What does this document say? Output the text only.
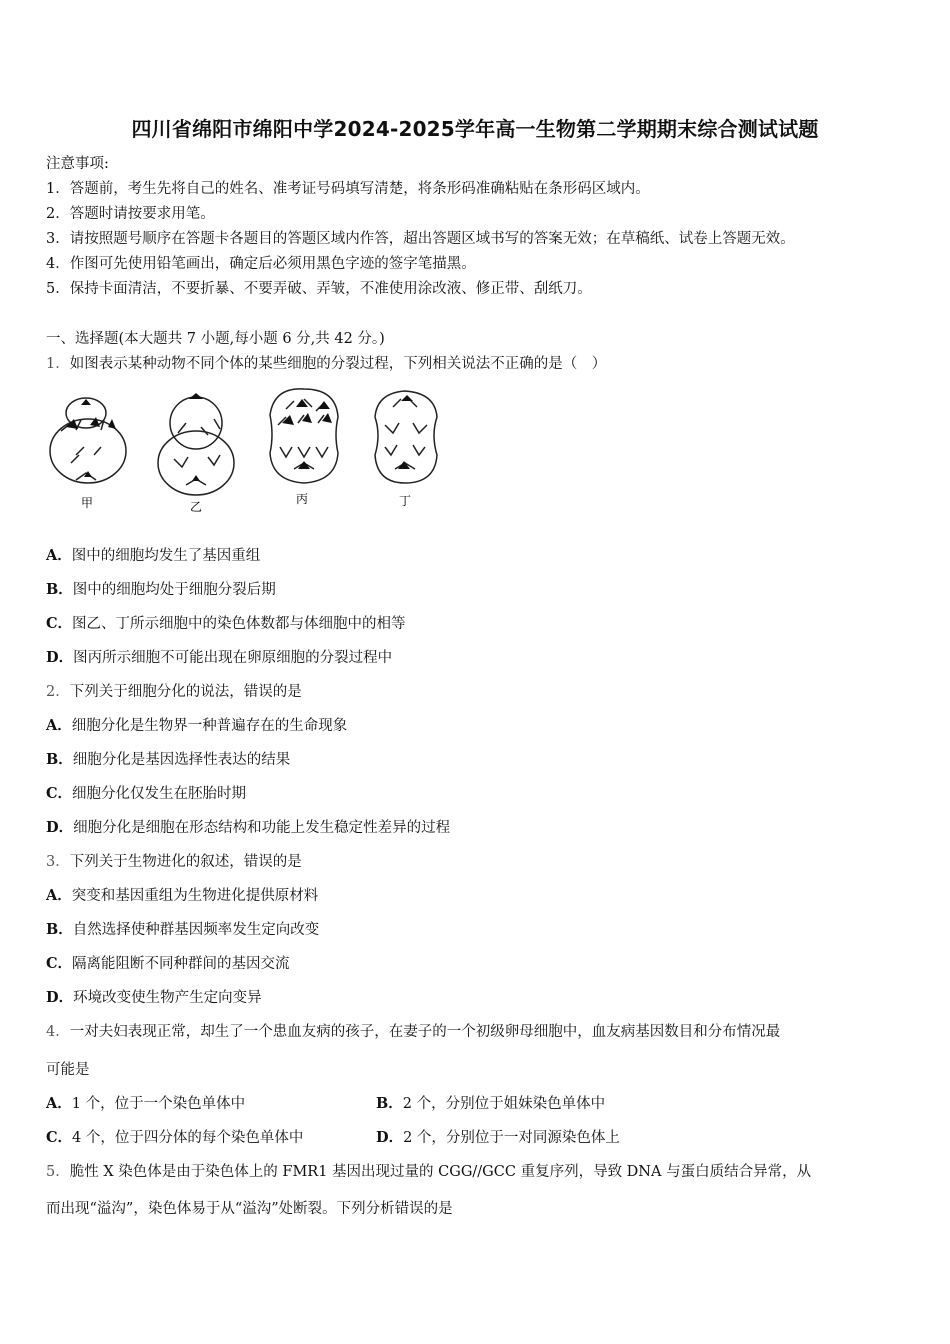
四川省绵阳市绵阳中学2024-2025学年高一生物第二学期期末综合测试试题
注意事项:
1．答题前，考生先将自己的姓名、准考证号码填写清楚，将条形码准确粘贴在条形码区域内。
2．答题时请按要求用笔。
3．请按照题号顺序在答题卡各题目的答题区域内作答，超出答题区域书写的答案无效；在草稿纸、试卷上答题无效。
4．作图可先使用铅笔画出，确定后必须用黑色字迹的签字笔描黑。
5．保持卡面清洁，不要折暴、不要弄破、弄皱，不准使用涂改液、修正带、刮纸刀。
一、选择题(本大题共 7 小题,每小题 6 分,共 42 分。)
1．如图表示某种动物不同个体的某些细胞的分裂过程，下列相关说法不正确的是（　）
甲	乙
丙	丁
A．图中的细胞均发生了基因重组
B．图中的细胞均处于细胞分裂后期
C．图乙、丁所示细胞中的染色体数都与体细胞中的相等
D．图丙所示细胞不可能出现在卵原细胞的分裂过程中
2．下列关于细胞分化的说法，错误的是
A．细胞分化是生物界一种普遍存在的生命现象
B．细胞分化是基因选择性表达的结果
C．细胞分化仅发生在胚胎时期
D．细胞分化是细胞在形态结构和功能上发生稳定性差异的过程
3．下列关于生物进化的叙述，错误的是
A．突变和基因重组为生物进化提供原材料
B．自然选择使种群基因频率发生定向改变
C．隔离能阻断不同种群间的基因交流
D．环境改变使生物产生定向变异
4．一对夫妇表现正常，却生了一个患血友病的孩子，在妻子的一个初级卵母细胞中，血友病基因数目和分布情况最
可能是
A．1 个，位于一个染色单体中	B．2 个，分别位于姐妹染色单体中
C．4 个，位于四分体的每个染色单体中	D．2 个，分别位于一对同源染色体上
5．脆性 X 染色体是由于染色体上的 FMR1 基因出现过量的 CGG//GCC 重复序列，导致 DNA 与蛋白质结合异常，从
而出现“溢沟”，染色体易于从“溢沟”处断裂。下列分析错误的是
